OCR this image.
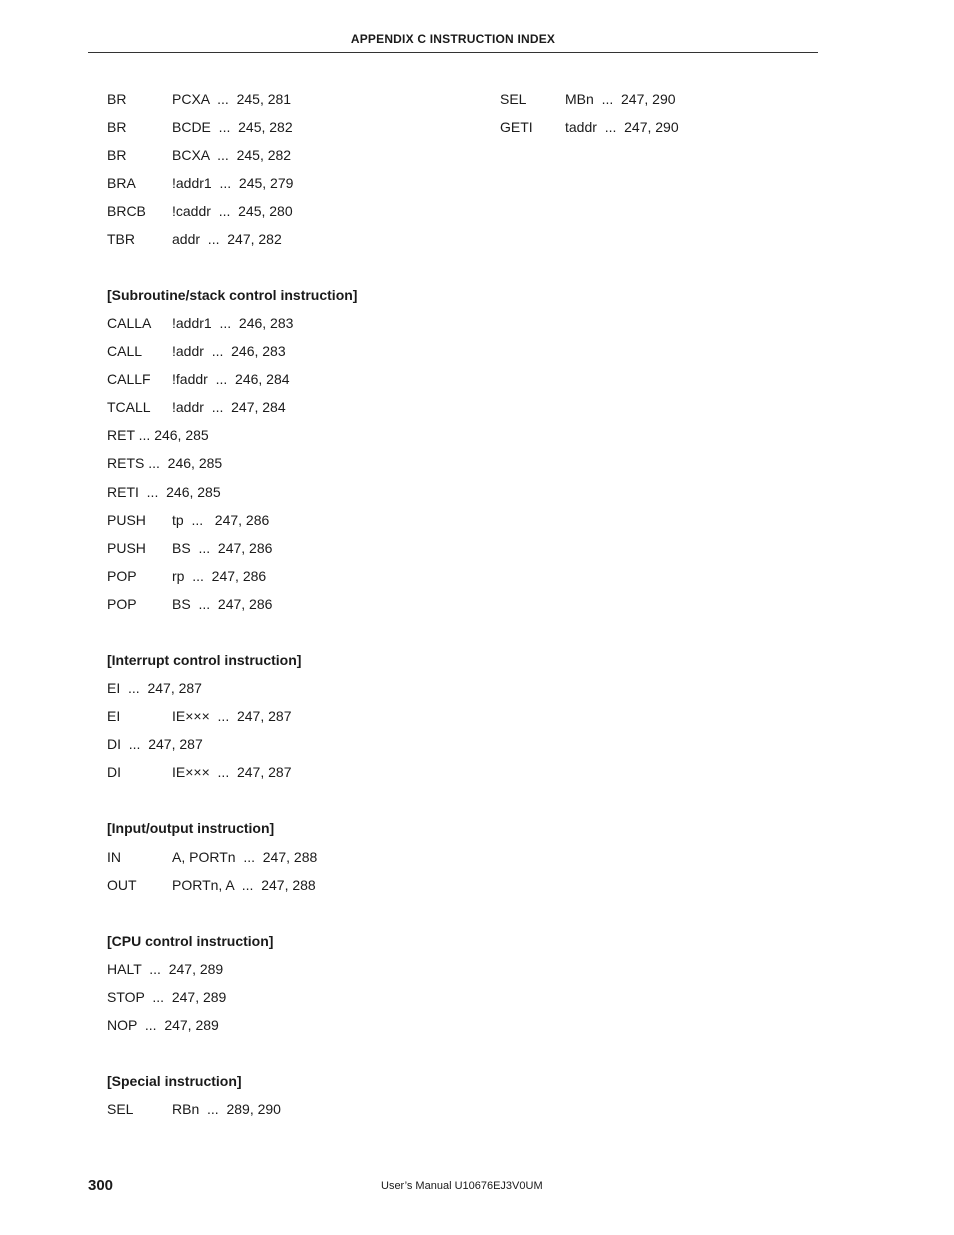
APPENDIX C INSTRUCTION INDEX
BR	PCXA  ...  245, 281
BR	BCDE  ...  245, 282
BR	BCXA  ...  245, 282
BRA	!addr1  ...  245, 279
BRCB !caddr  ...  245, 280
TBR	addr  ...  247, 282
[Subroutine/stack control instruction]
CALLA !addr1  ...  246, 283
CALL !addr  ...  246, 283
CALLF !faddr  ...  246, 284
TCALL !addr  ...  247, 284
RET ... 246, 285
RETS ...  246, 285
RETI  ...  246, 285
PUSH tp  ...   247, 286
PUSH BS  ...  247, 286
POP	rp  ...  247, 286
POP	BS  ...  247, 286
[Interrupt control instruction]
EI  ...  247, 287
EI	IE×××  ...  247, 287
DI  ...  247, 287
DI	IE×××  ...  247, 287
[Input/output instruction]
IN	A, PORTn  ...  247, 288
OUT	PORTn, A  ...  247, 288
[CPU control instruction]
HALT  ...  247, 289
STOP  ...  247, 289
NOP  ...  247, 289
[Special instruction]
SEL	RBn  ...  289, 290
SEL	MBn  ...  247, 290
GETI taddr  ...  247, 290
300	User’s Manual U10676EJ3V0UM
